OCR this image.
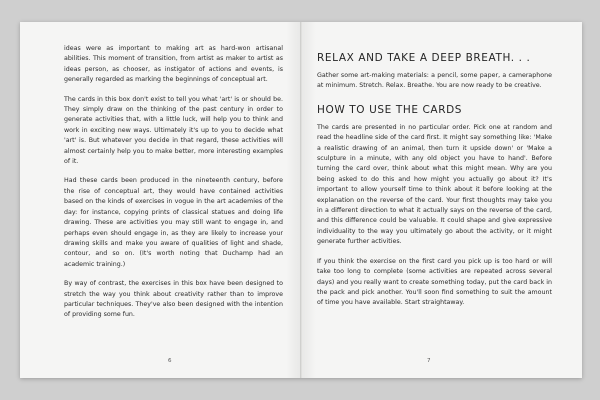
ideas were as important to making art as hard-won artisanal abilities. This moment of transition, from artist as maker to artist as ideas person, as chooser, as instigator of actions and events, is generally regarded as marking the beginnings of conceptual art.

The cards in this box don't exist to tell you what 'art' is or should be. They simply draw on the thinking of the past century in order to generate activities that, with a little luck, will help you to think and work in exciting new ways. Ultimately it's up to you to decide what 'art' is. But whatever you decide in that regard, these activities will almost certainly help you to make better, more interesting examples of it.

Had these cards been produced in the nineteenth century, before the rise of conceptual art, they would have contained activities based on the kinds of exercises in vogue in the art academies of the day: for instance, copying prints of classical statues and doing life drawing. These are activities you may still want to engage in, and perhaps even should engage in, as they are likely to increase your drawing skills and make you aware of qualities of light and shade, contour, and so on. (It's worth noting that Duchamp had an academic training.)

By way of contrast, the exercises in this box have been designed to stretch the way you think about creativity rather than to improve particular techniques. They've also been designed with the intention of providing some fun.

6
RELAX AND TAKE A DEEP BREATH. . .

Gather some art-making materials: a pencil, some paper, a cameraphone at minimum. Stretch. Relax. Breathe. You are now ready to be creative.

HOW TO USE THE CARDS

The cards are presented in no particular order. Pick one at random and read the headline side of the card first. It might say something like: 'Make a realistic drawing of an animal, then turn it upside down' or 'Make a sculpture in a minute, with any old object you have to hand'. Before turning the card over, think about what this might mean. Why are you being asked to do this and how might you actually go about it? It's important to allow yourself time to think about it before looking at the explanation on the reverse of the card. Your first thoughts may take you in a different direction to what it actually says on the reverse of the card, and this difference could be valuable. It could shape and give expressive individuality to the way you ultimately go about the activity, or it might generate further activities.

If you think the exercise on the first card you pick up is too hard or will take too long to complete (some activities are repeated across several days) and you really want to create something today, put the card back in the pack and pick another. You'll soon find something to suit the amount of time you have available. Start straightaway.

7
